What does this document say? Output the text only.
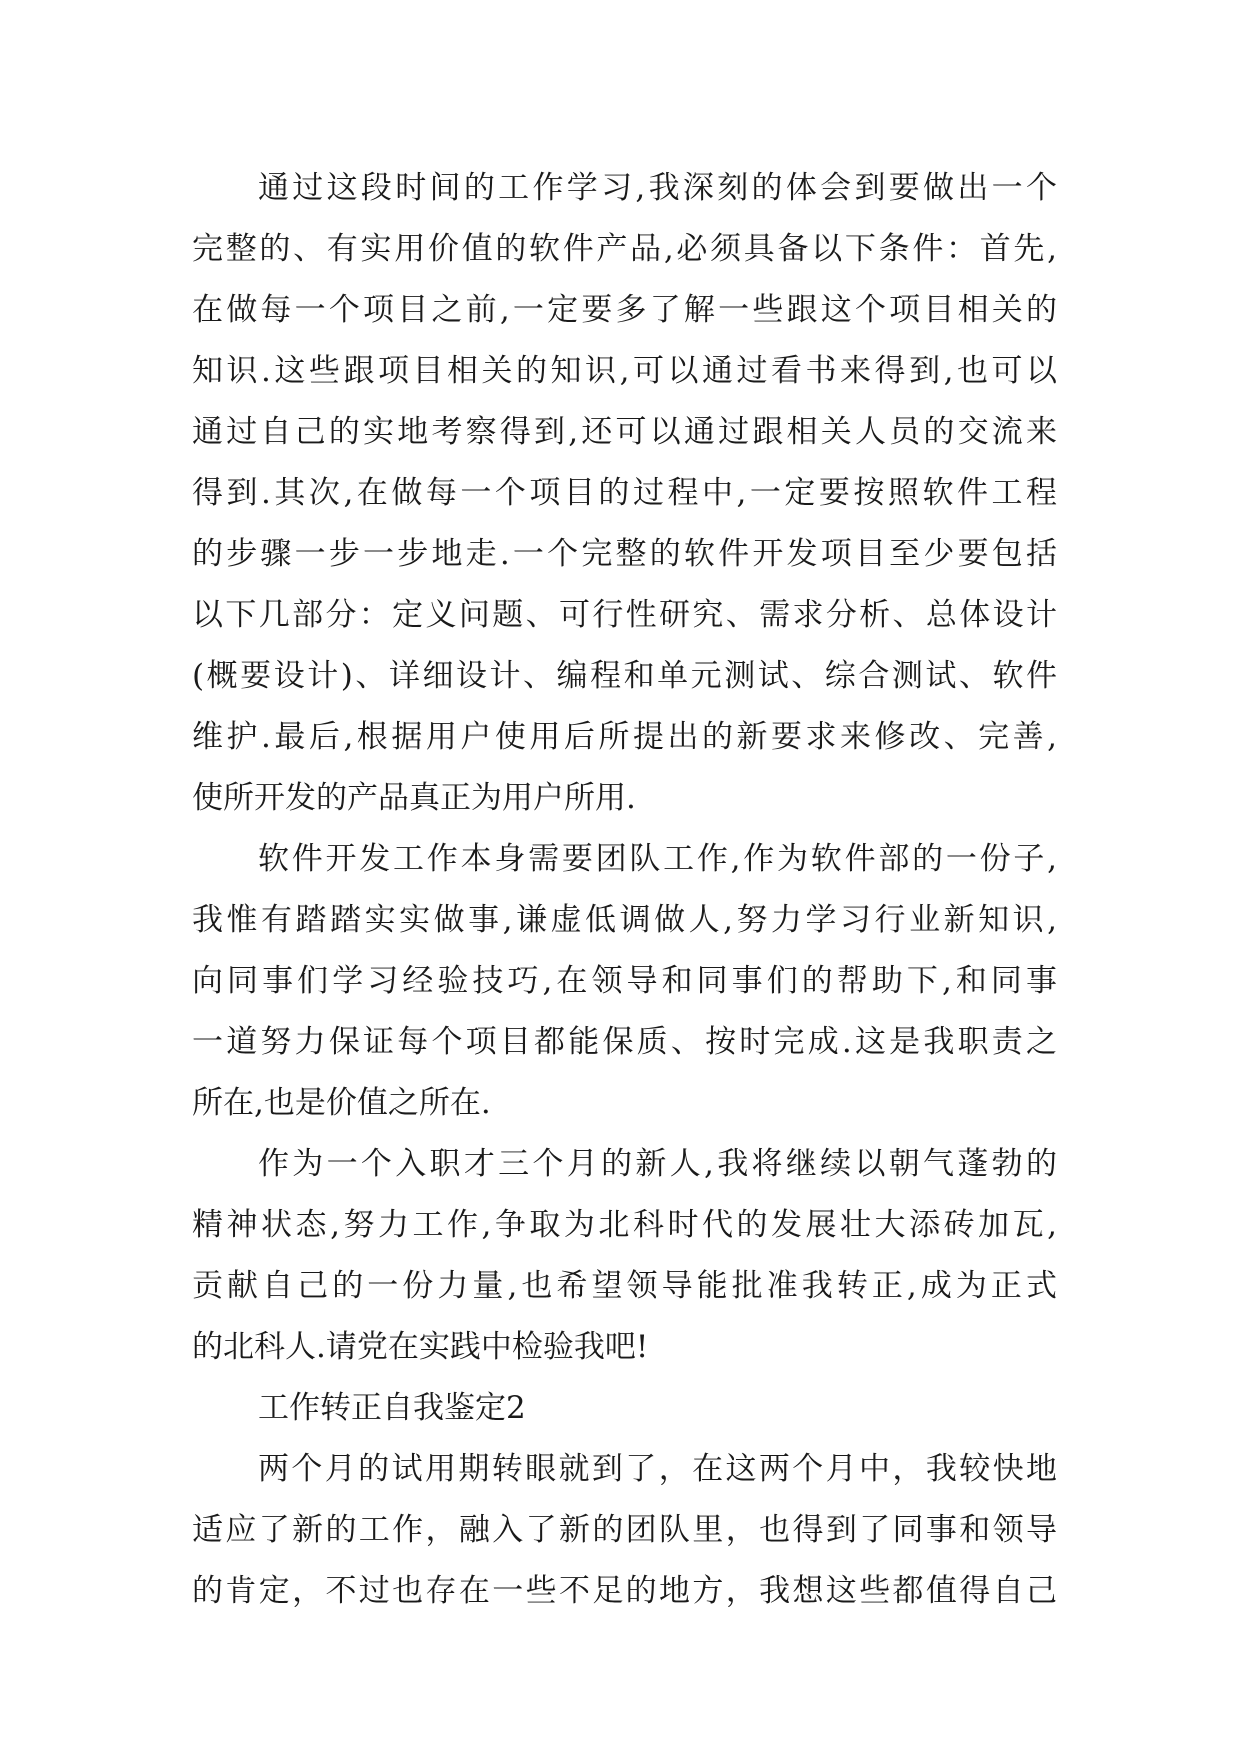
通过这段时间的工作学习,我深刻的体会到要做出一个
完整的、有实用价值的软件产品,必须具备以下条件：首先,
在做每一个项目之前,一定要多了解一些跟这个项目相关的
知识.这些跟项目相关的知识,可以通过看书来得到,也可以
通过自己的实地考察得到,还可以通过跟相关人员的交流来
得到.其次,在做每一个项目的过程中,一定要按照软件工程
的步骤一步一步地走.一个完整的软件开发项目至少要包括
以下几部分：定义问题、可行性研究、需求分析、总体设计
(概要设计)、详细设计、编程和单元测试、综合测试、软件
维护.最后,根据用户使用后所提出的新要求来修改、完善,
使所开发的产品真正为用户所用.
软件开发工作本身需要团队工作,作为软件部的一份子,
我惟有踏踏实实做事,谦虚低调做人,努力学习行业新知识,
向同事们学习经验技巧,在领导和同事们的帮助下,和同事
一道努力保证每个项目都能保质、按时完成.这是我职责之
所在,也是价值之所在.
作为一个入职才三个月的新人,我将继续以朝气蓬勃的
精神状态,努力工作,争取为北科时代的发展壮大添砖加瓦,
贡献自己的一份力量,也希望领导能批准我转正,成为正式
的北科人.请党在实践中检验我吧!
工作转正自我鉴定2
两个月的试用期转眼就到了，在这两个月中，我较快地
适应了新的工作，融入了新的团队里，也得到了同事和领导
的肯定，不过也存在一些不足的地方，我想这些都值得自己
